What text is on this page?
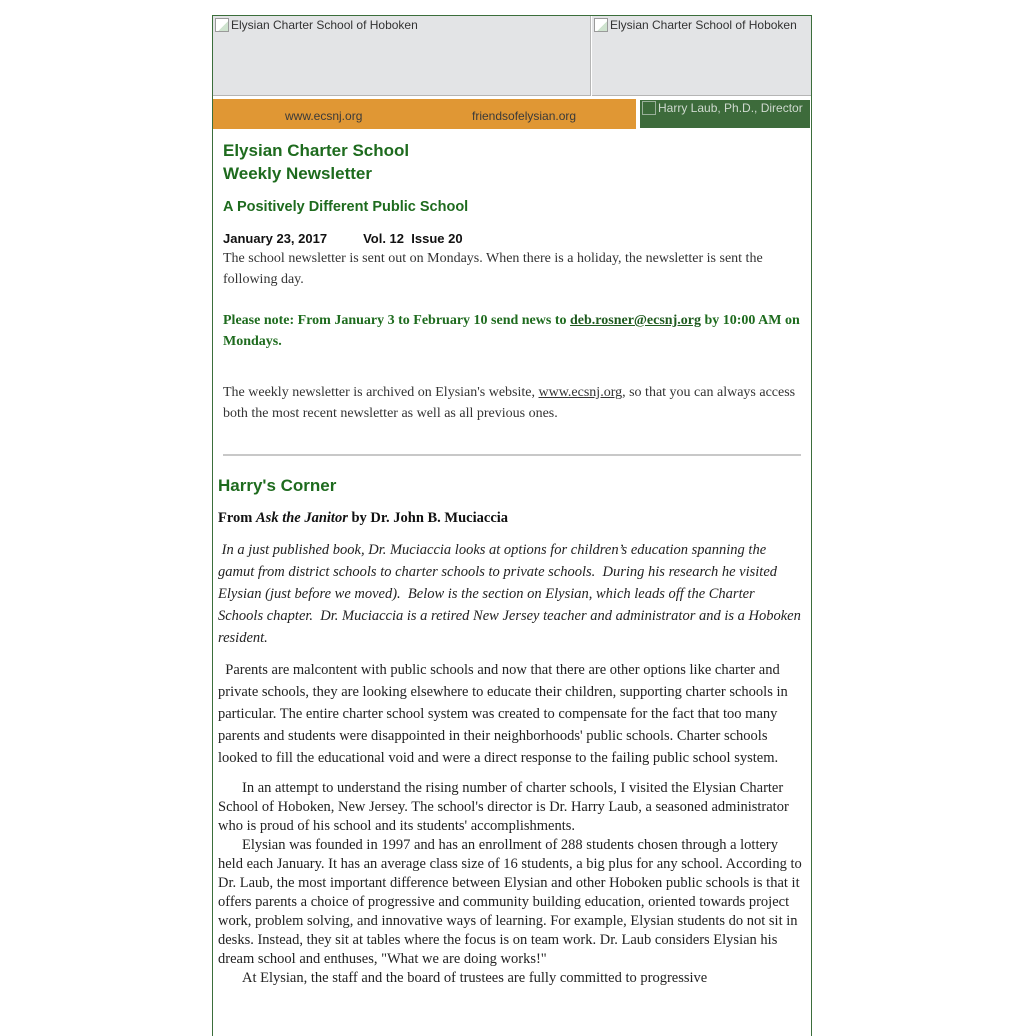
Elysian Charter School of Hoboken	Elysian Charter School of Hoboken
www.ecsnj.org	friendsofelysian.org
Harry Laub, Ph.D., Director

Elysian Charter School
Weekly Newsletter

A Positively Different Public School

January 23, 2017	Vol. 12  Issue 20

The school newsletter is sent out on Mondays. When there is a holiday, the newsletter is sent the following day.

Please note: From January 3 to February 10 send news to deb.rosner@ecsnj.org by 10:00 AM on Mondays.

The weekly newsletter is archived on Elysian's website, www.ecsnj.org, so that you can always access both the most recent newsletter as well as all previous ones.

Harry's Corner

From Ask the Janitor by Dr. John B. Muciaccia

In a just published book, Dr. Muciaccia looks at options for children’s education spanning the gamut from district schools to charter schools to private schools.  During his research he visited Elysian (just before we moved).  Below is the section on Elysian, which leads off the Charter Schools chapter.  Dr. Muciaccia is a retired New Jersey teacher and administrator and is a Hoboken resident.

Parents are malcontent with public schools and now that there are other options like charter and private schools, they are looking elsewhere to educate their children, supporting charter schools in particular. The entire charter school system was created to compensate for the fact that too many parents and students were disappointed in their neighborhoods' public schools. Charter schools looked to fill the educational void and were a direct response to the failing public school system.

In an attempt to understand the rising number of charter schools, I visited the Elysian Charter School of Hoboken, New Jersey. The school's director is Dr. Harry Laub, a seasoned administrator who is proud of his school and its students' accomplishments.

Elysian was founded in 1997 and has an enrollment of 288 students chosen through a lottery held each January. It has an average class size of 16 students, a big plus for any school. According to Dr. Laub, the most important difference between Elysian and other Hoboken public schools is that it offers parents a choice of progressive and community building education, oriented towards project work, problem solving, and innovative ways of learning. For example, Elysian students do not sit in desks. Instead, they sit at tables where the focus is on team work. Dr. Laub considers Elysian his dream school and enthuses, "What we are doing works!"

At Elysian, the staff and the board of trustees are fully committed to progressive
